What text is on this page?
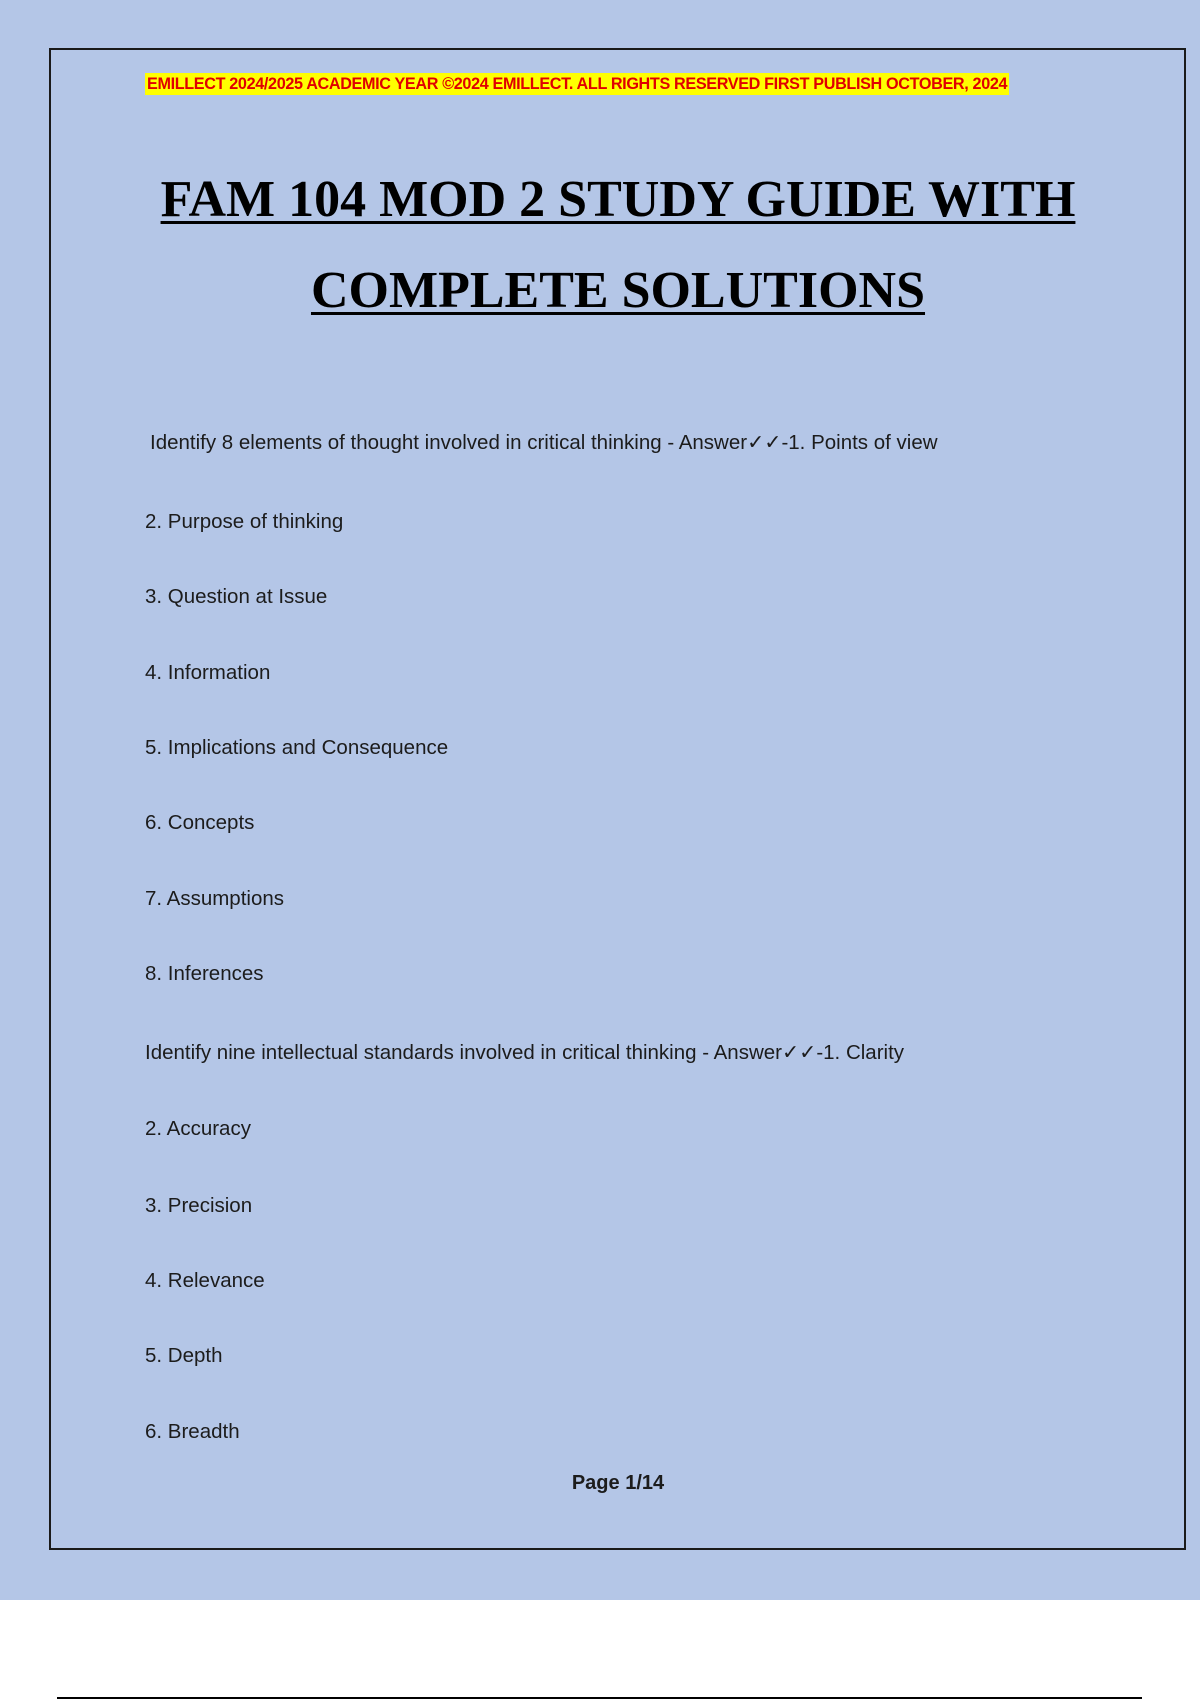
EMILLECT 2024/2025 ACADEMIC YEAR ©2024 EMILLECT. ALL RIGHTS RESERVED FIRST PUBLISH OCTOBER, 2024
FAM 104 MOD 2 STUDY GUIDE WITH
COMPLETE SOLUTIONS
Identify 8 elements of thought involved in critical thinking - Answer✓✓-1. Points of view
2. Purpose of thinking
3. Question at Issue
4. Information
5. Implications and Consequence
6. Concepts
7. Assumptions
8. Inferences
Identify nine intellectual standards involved in critical thinking - Answer✓✓-1. Clarity
2. Accuracy
3. Precision
4. Relevance
5. Depth
6. Breadth
Page 1/14
